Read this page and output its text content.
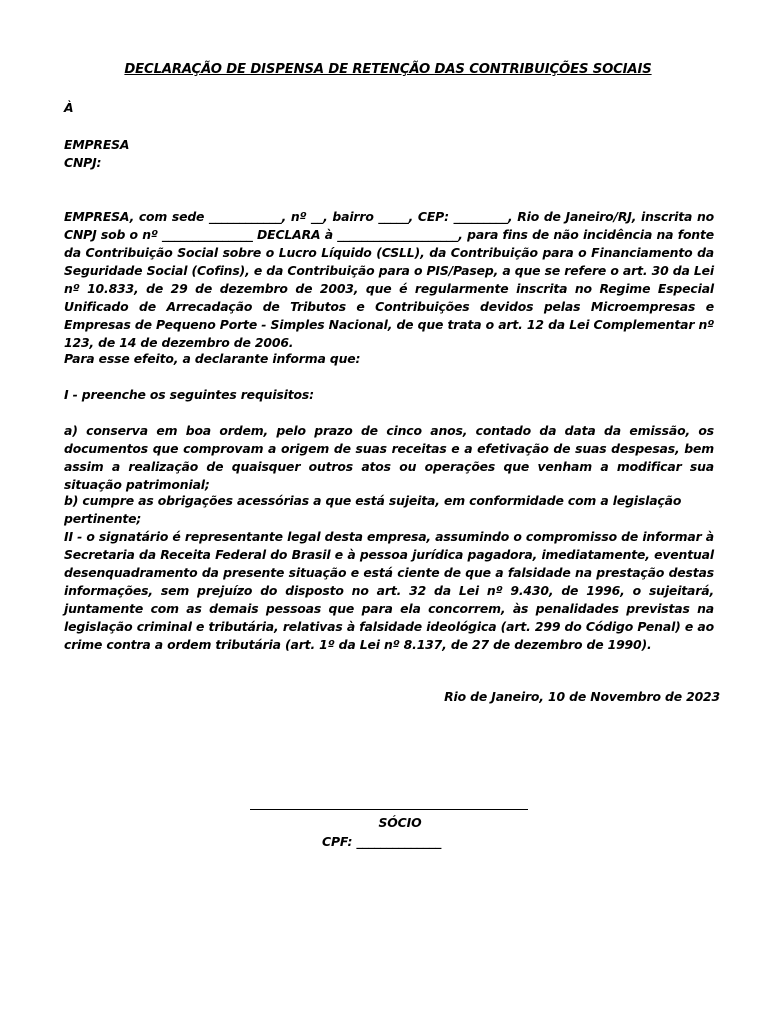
DECLARAÇÃO DE DISPENSA DE RETENÇÃO DAS CONTRIBUIÇÕES SOCIAIS

À

EMPRESA

CNPJ:

EMPRESA, com sede ____________, nº __, bairro _____, CEP: _________, Rio de Janeiro/RJ, inscrita no CNPJ sob o nº _______________ DECLARA à ____________________, para fins de não incidência na fonte da Contribuição Social sobre o Lucro Líquido (CSLL), da Contribuição para o Financiamento da Seguridade Social (Cofins), e da Contribuição para o PIS/Pasep, a que se refere o art. 30 da Lei nº 10.833, de 29 de dezembro de 2003, que é regularmente inscrita no Regime Especial Unificado de Arrecadação de Tributos e Contribuições devidos pelas Microempresas e Empresas de Pequeno Porte - Simples Nacional, de que trata o art. 12 da Lei Complementar nº 123, de 14 de dezembro de 2006.

Para esse efeito, a declarante informa que:

I - preenche os seguintes requisitos:

a) conserva em boa ordem, pelo prazo de cinco anos, contado da data da emissão, os documentos que comprovam a origem de suas receitas e a efetivação de suas despesas, bem assim a realização de quaisquer outros atos ou operações que venham a modificar sua situação patrimonial;

b) cumpre as obrigações acessórias a que está sujeita, em conformidade com a legislação pertinente;

II - o signatário é representante legal desta empresa, assumindo o compromisso de informar à Secretaria da Receita Federal do Brasil e à pessoa jurídica pagadora, imediatamente, eventual desenquadramento da presente situação e está ciente de que a falsidade na prestação destas informações, sem prejuízo do disposto no art. 32 da Lei nº 9.430, de 1996, o sujeitará, juntamente com as demais pessoas que para ela concorrem, às penalidades previstas na legislação criminal e tributária, relativas à falsidade ideológica (art. 299 do Código Penal) e ao crime contra a ordem tributária (art. 1º da Lei nº 8.137, de 27 de dezembro de 1990).

Rio de Janeiro, 10 de Novembro de 2023
SÓCIO
CPF: ______________
